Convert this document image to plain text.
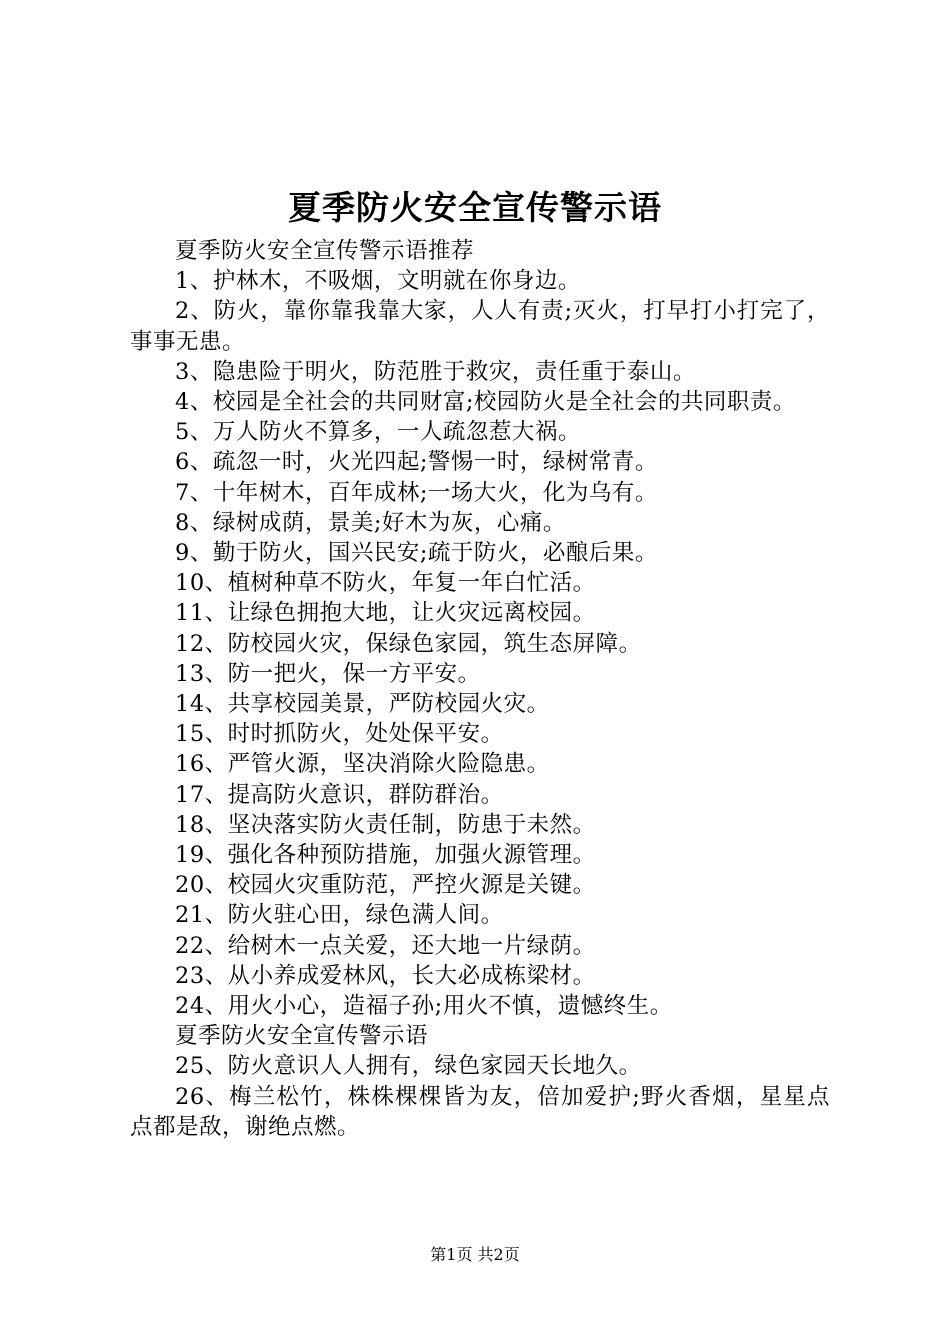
夏季防火安全宣传警示语

夏季防火安全宣传警示语推荐

1、护林木，不吸烟，文明就在你身边。

2、防火，靠你靠我靠大家，人人有责;灭火，打早打小打完了，事事无患。

3、隐患险于明火，防范胜于救灾，责任重于泰山。

4、校园是全社会的共同财富;校园防火是全社会的共同职责。

5、万人防火不算多，一人疏忽惹大祸。

6、疏忽一时，火光四起;警惕一时，绿树常青。

7、十年树木，百年成林;一场大火，化为乌有。

8、绿树成荫，景美;好木为灰，心痛。

9、勤于防火，国兴民安;疏于防火，必酿后果。

10、植树种草不防火，年复一年白忙活。

11、让绿色拥抱大地，让火灾远离校园。

12、防校园火灾，保绿色家园，筑生态屏障。

13、防一把火，保一方平安。

14、共享校园美景，严防校园火灾。

15、时时抓防火，处处保平安。

16、严管火源，坚决消除火险隐患。

17、提高防火意识，群防群治。

18、坚决落实防火责任制，防患于未然。

19、强化各种预防措施，加强火源管理。

20、校园火灾重防范，严控火源是关键。

21、防火驻心田，绿色满人间。

22、给树木一点关爱，还大地一片绿荫。

23、从小养成爱林风，长大必成栋梁材。

24、用火小心，造福子孙;用火不慎，遗憾终生。

夏季防火安全宣传警示语

25、防火意识人人拥有，绿色家园天长地久。

26、梅兰松竹，株株棵棵皆为友，倍加爱护;野火香烟，星星点点都是敌，谢绝点燃。

第1页 共2页
